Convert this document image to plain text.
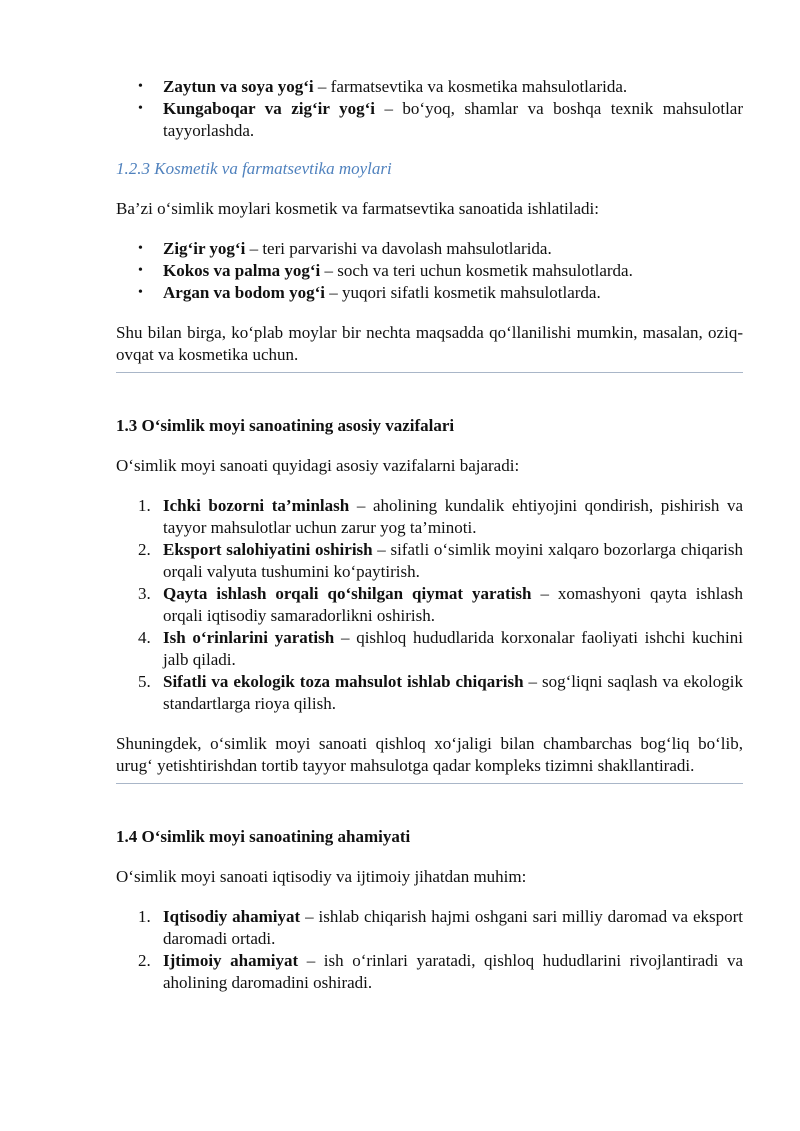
• Zaytun va soya yog‘i – farmatsevtika va kosmetika mahsulotlarida.
• Kungaboqar va zig‘ir yog‘i – bo‘yoq, shamlar va boshqa texnik mahsulotlar tayyorlashda.
1.2.3 Kosmetik va farmatsevtika moylari

Ba’zi o‘simlik moylari kosmetik va farmatsevtika sanoatida ishlatiladi:

• Zig‘ir yog‘i – teri parvarishi va davolash mahsulotlarida.
• Kokos va palma yog‘i – soch va teri uchun kosmetik mahsulotlarda.
• Argan va bodom yog‘i – yuqori sifatli kosmetik mahsulotlarda.

Shu bilan birga, ko‘plab moylar bir nechta maqsadda qo‘llanilishi mumkin, masalan, oziq-ovqat va kosmetika uchun.

1.3 O‘simlik moyi sanoatining asosiy vazifalari

O‘simlik moyi sanoati quyidagi asosiy vazifalarni bajaradi:

1. Ichki bozorni ta’minlash – aholining kundalik ehtiyojini qondirish, pishirish va tayyor mahsulotlar uchun zarur yog ta’minoti.
2. Eksport salohiyatini oshirish – sifatli o‘simlik moyini xalqaro bozorlarga chiqarish orqali valyuta tushumini ko‘paytirish.
3. Qayta ishlash orqali qo‘shilgan qiymat yaratish – xomashyoni qayta ishlash orqali iqtisodiy samaradorlikni oshirish.
4. Ish o‘rinlarini yaratish – qishloq hududlarida korxonalar faoliyati ishchi kuchini jalb qiladi.
5. Sifatli va ekologik toza mahsulot ishlab chiqarish – sog‘liqni saqlash va ekologik standartlarga rioya qilish.

Shuningdek, o‘simlik moyi sanoati qishloq xo‘jaligi bilan chambarchas bog‘liq bo‘lib, urug‘ yetishtirishdan tortib tayyor mahsulotga qadar kompleks tizimni shakllantiradi.

1.4 O‘simlik moyi sanoatining ahamiyati

O‘simlik moyi sanoati iqtisodiy va ijtimoiy jihatdan muhim:

1. Iqtisodiy ahamiyat – ishlab chiqarish hajmi oshgani sari milliy daromad va eksport daromadi ortadi.
2. Ijtimoiy ahamiyat – ish o‘rinlari yaratadi, qishloq hududlarini rivojlantiradi va aholining daromadini oshiradi.
